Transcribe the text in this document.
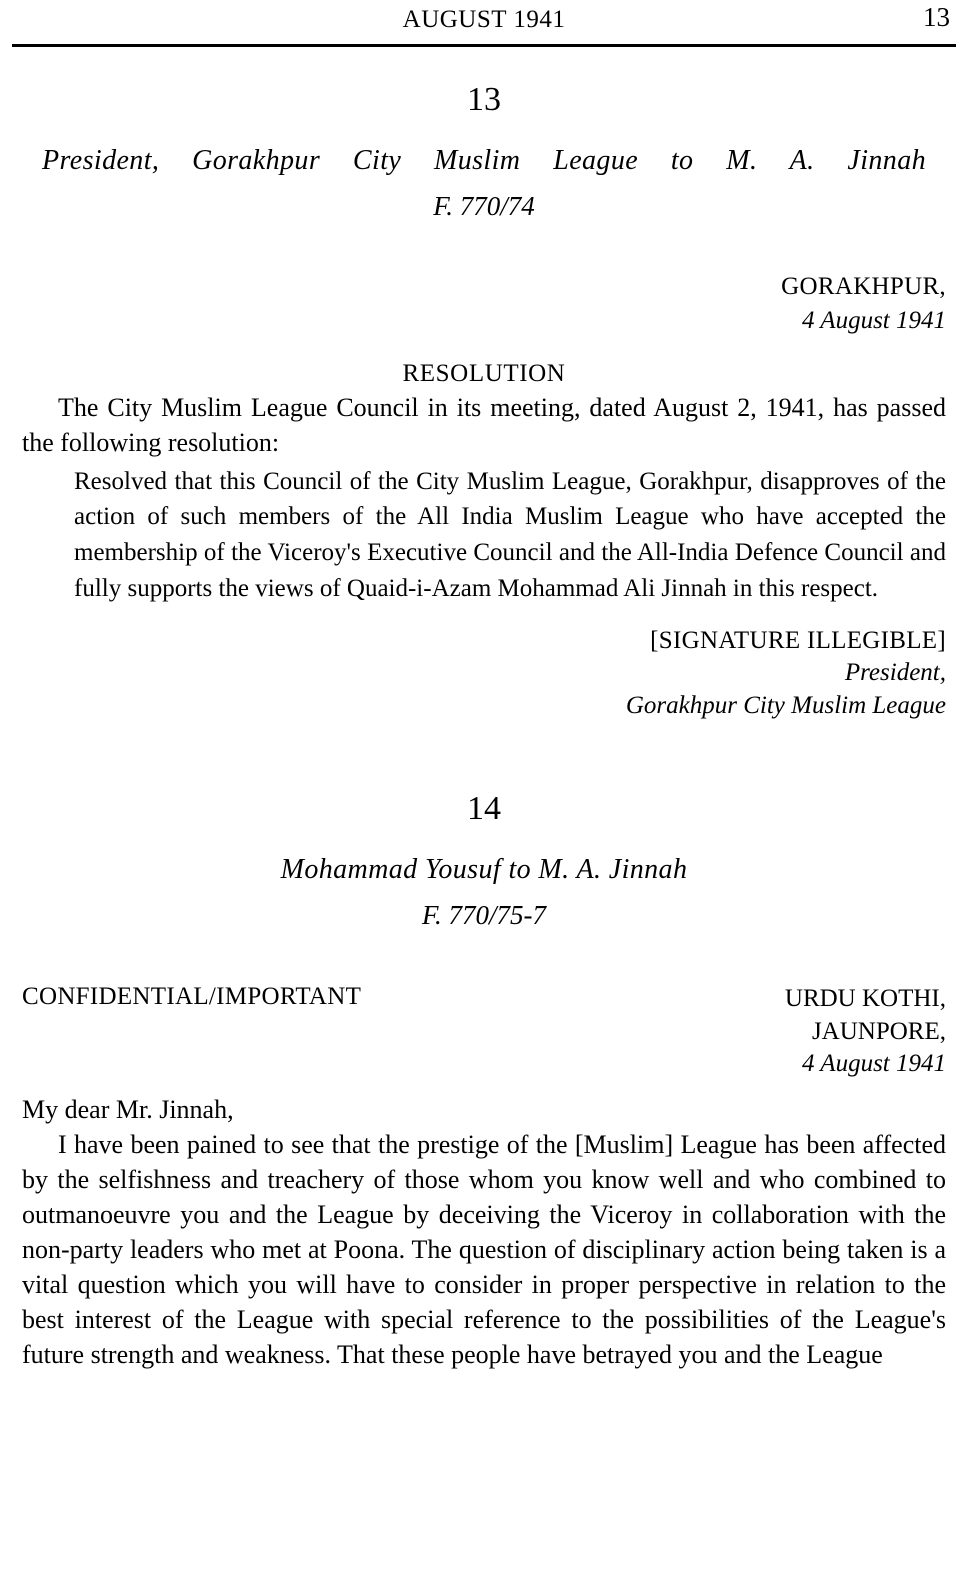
AUGUST 1941	13
13
President, Gorakhpur City Muslim League to M. A. Jinnah
F. 770/74
GORAKHPUR,
4 August 1941
RESOLUTION

The City Muslim League Council in its meeting, dated August 2, 1941, has passed the following resolution:

Resolved that this Council of the City Muslim League, Gorakhpur, disapproves of the action of such members of the All India Muslim League who have accepted the membership of the Viceroy's Executive Council and the All-India Defence Council and fully supports the views of Quaid-i-Azam Mohammad Ali Jinnah in this respect.

[SIGNATURE ILLEGIBLE]
President,
Gorakhpur City Muslim League
14
Mohammad Yousuf to M. A. Jinnah
F. 770/75-7
CONFIDENTIAL/IMPORTANT	URDU KOTHI,
JAUNPORE,
4 August 1941
My dear Mr. Jinnah,

I have been pained to see that the prestige of the [Muslim] League has been affected by the selfishness and treachery of those whom you know well and who combined to outmanoeuvre you and the League by deceiving the Viceroy in collaboration with the non-party leaders who met at Poona. The question of disciplinary action being taken is a vital question which you will have to consider in proper perspective in relation to the best interest of the League with special reference to the possibilities of the League's future strength and weakness. That these people have betrayed you and the League
